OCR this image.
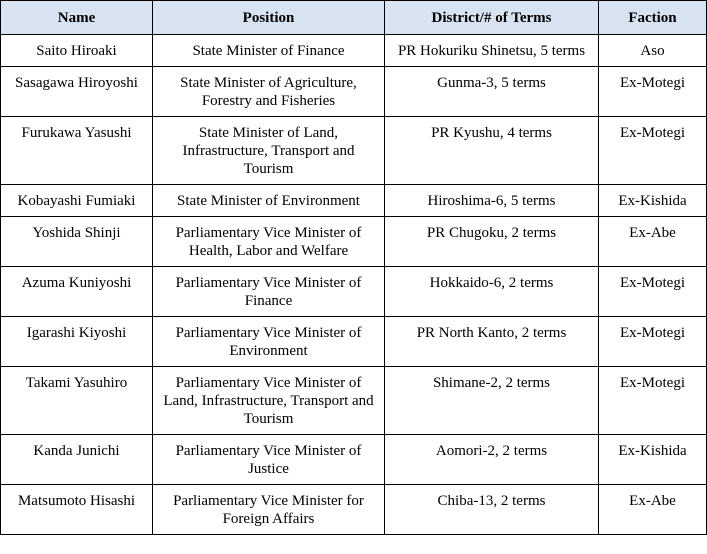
Name	Position	District/# of Terms	Faction
Saito Hiroaki	State Minister of Finance	PR Hokuriku Shinetsu, 5 terms	Aso
Sasagawa Hiroyoshi	State Minister of Agriculture, Forestry and Fisheries	Gunma-3, 5 terms	Ex-Motegi
Furukawa Yasushi	State Minister of Land, Infrastructure, Transport and Tourism	PR Kyushu, 4 terms	Ex-Motegi
Kobayashi Fumiaki	State Minister of Environment	Hiroshima-6, 5 terms	Ex-Kishida
Yoshida Shinji	Parliamentary Vice Minister of Health, Labor and Welfare	PR Chugoku, 2 terms	Ex-Abe
Azuma Kuniyoshi	Parliamentary Vice Minister of Finance	Hokkaido-6, 2 terms	Ex-Motegi
Igarashi Kiyoshi	Parliamentary Vice Minister of Environment	PR North Kanto, 2 terms	Ex-Motegi
Takami Yasuhiro	Parliamentary Vice Minister of Land, Infrastructure, Transport and Tourism	Shimane-2, 2 terms	Ex-Motegi
Kanda Junichi	Parliamentary Vice Minister of Justice	Aomori-2, 2 terms	Ex-Kishida
Matsumoto Hisashi	Parliamentary Vice Minister for Foreign Affairs	Chiba-13, 2 terms	Ex-Abe
